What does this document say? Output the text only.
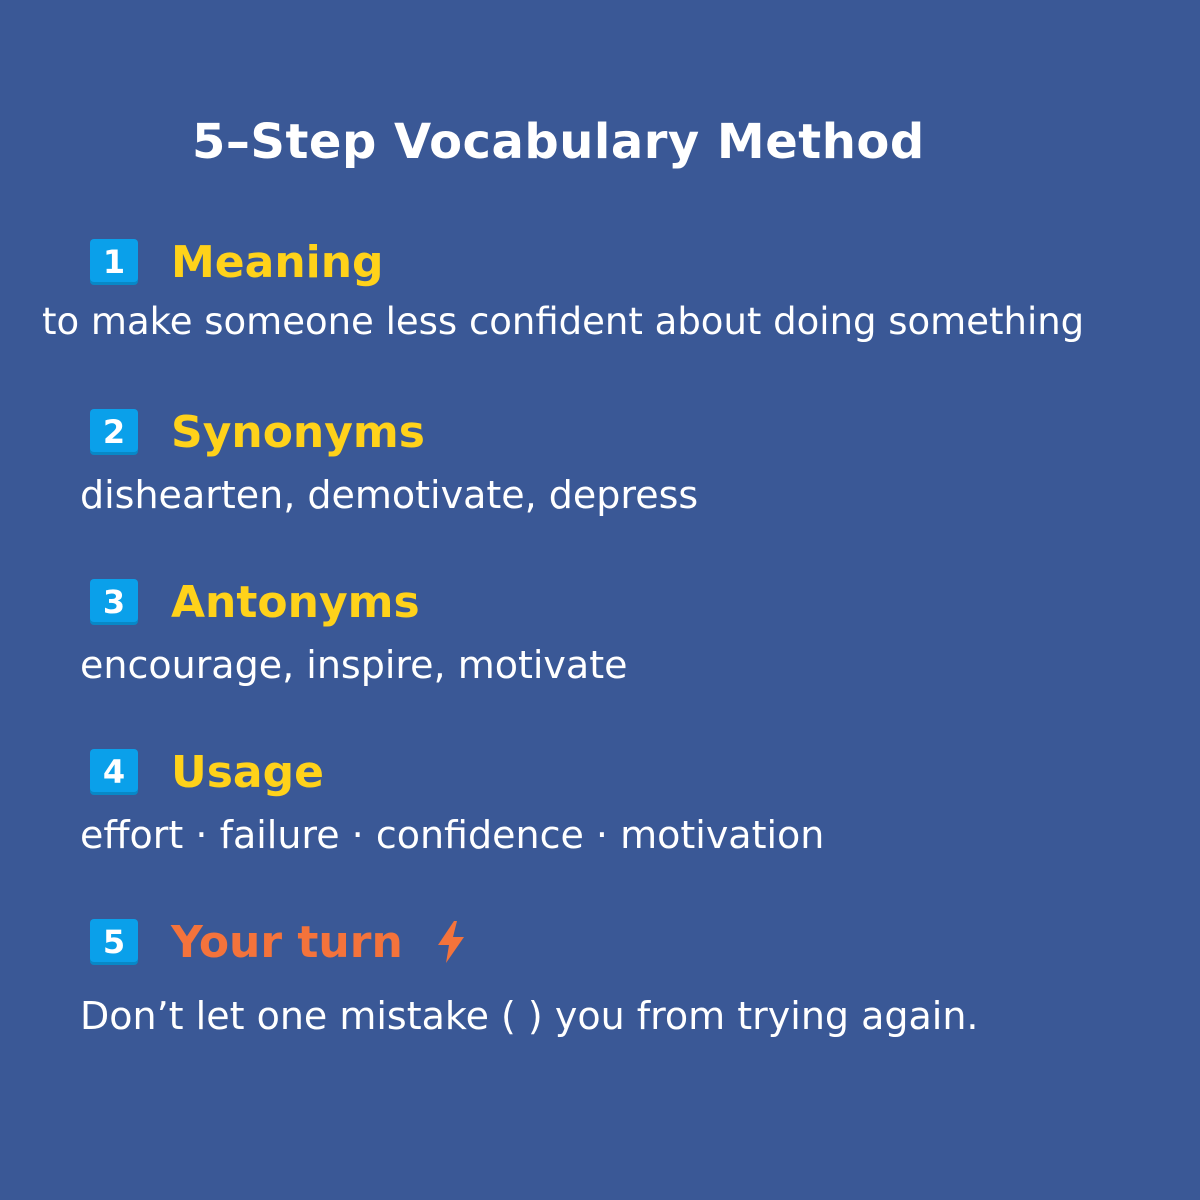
5–Step Vocabulary Method
1 Meaning
to make someone less confident about doing something
2 Synonyms
dishearten, demotivate, depress
3 Antonyms
encourage, inspire, motivate
4 Usage
effort · failure · confidence · motivation
5 Your turn
Don’t let one mistake ( ) you from trying again.
